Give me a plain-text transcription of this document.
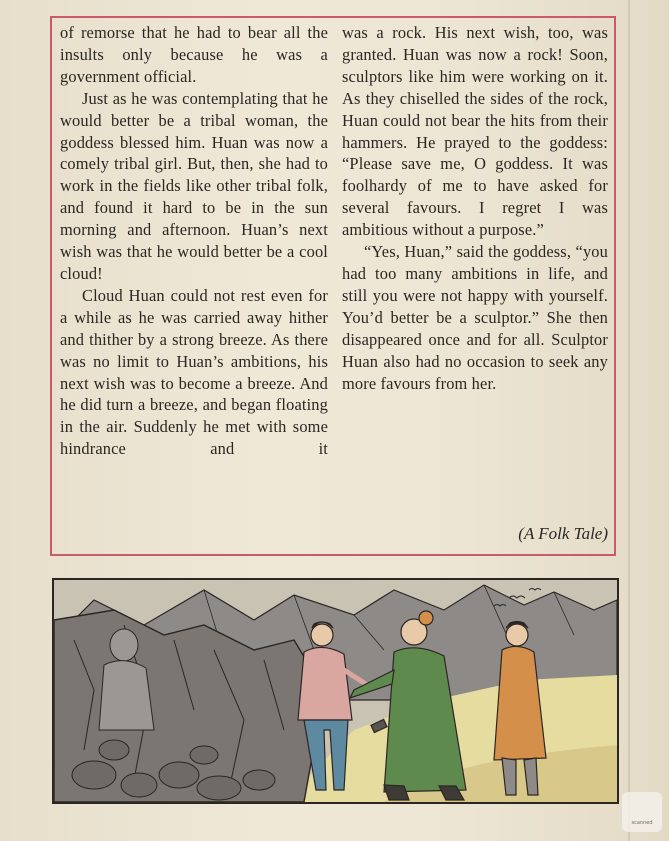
of remorse that he had to bear all the insults only because he was a government official.

Just as he was contemplating that he would better be a tribal woman, the goddess blessed him. Huan was now a comely tribal girl. But, then, she had to work in the fields like other tribal folk, and found it hard to be in the sun morning and afternoon. Huan’s next wish was that he would better be a cool cloud!

Cloud Huan could not rest even for a while as he was carried away hither and thither by a strong breeze. As there was no limit to Huan’s ambitions, his next wish was to become a breeze. And he did turn a breeze, and began floating in the air. Suddenly he met with some hindrance and it

was a rock. His next wish, too, was granted. Huan was now a rock! Soon, sculptors like him were working on it. As they chiselled the sides of the rock, Huan could not bear the hits from their hammers. He prayed to the goddess: “Please save me, O goddess. It was foolhardy of me to have asked for several favours. I regret I was ambitious without a purpose.”

“Yes, Huan,” said the goddess, “you had too many ambitions in life, and still you were not happy with yourself. You’d better be a sculptor.” She then disappeared once and for all. Sculptor Huan also had no occasion to seek any more favours from her.

(A Folk Tale)
scanned
